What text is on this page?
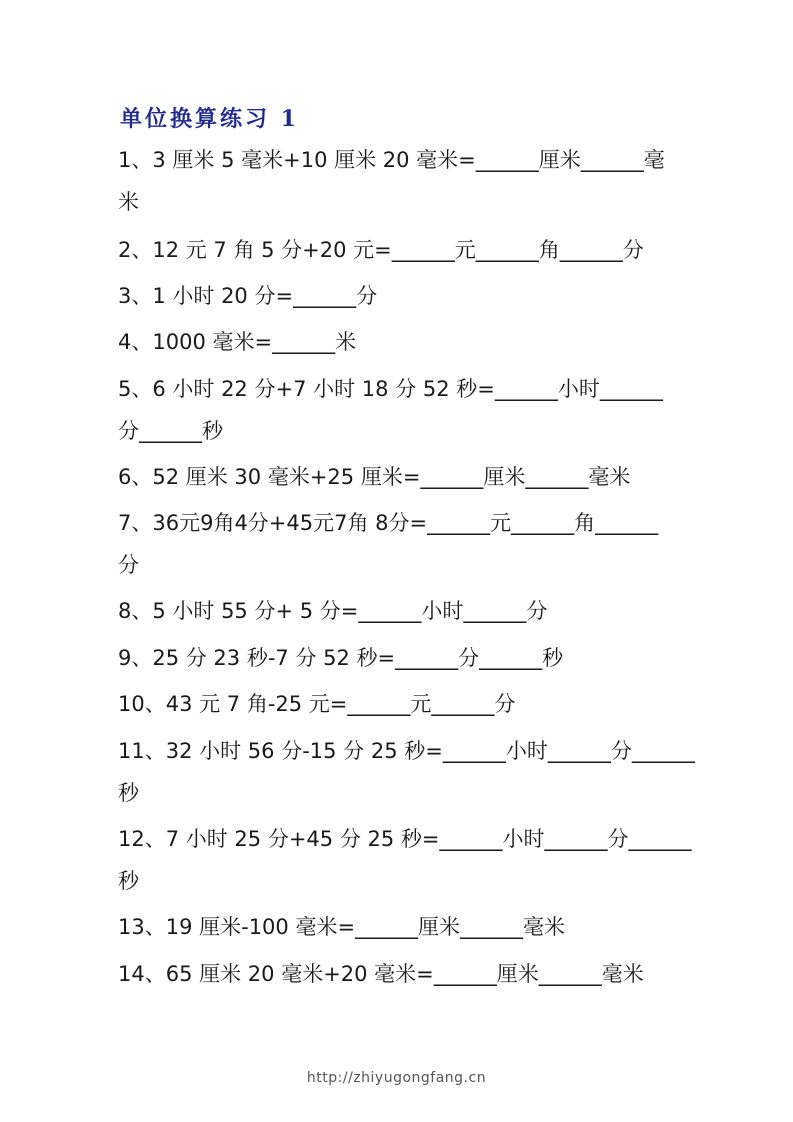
单位换算练习 1
1、3 厘米 5 毫米+10 厘米 20 毫米=______厘米______毫
米
2、12 元 7 角 5 分+20 元=______元______角______分
3、1 小时 20 分=______分
4、1000 毫米=______米
5、6 小时 22 分+7 小时 18 分 52 秒=______小时______
分______秒
6、52 厘米 30 毫米+25 厘米=______厘米______毫米
7、36元9角4分+45元7角 8分=______元______角______
分
8、5 小时 55 分+ 5 分=______小时______分
9、25 分 23 秒-7 分 52 秒=______分______秒
10、43 元 7 角-25 元=______元______分
11、32 小时 56 分-15 分 25 秒=______小时______分______
秒
12、7 小时 25 分+45 分 25 秒=______小时______分______
秒
13、19 厘米-100 毫米=______厘米______毫米
14、65 厘米 20 毫米+20 毫米=______厘米______毫米
http://zhiyugongfang.cn
